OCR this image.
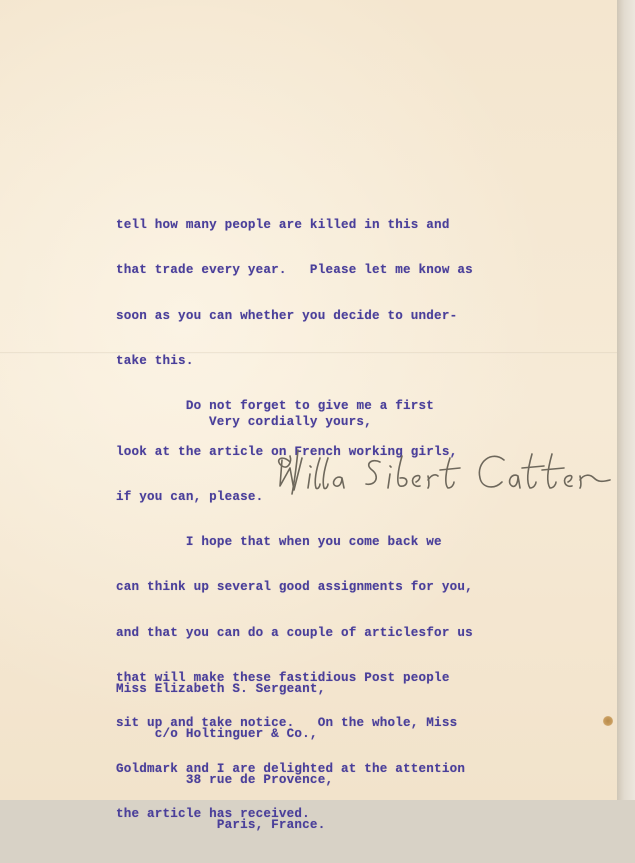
tell how many people are killed in this and

that trade every year.   Please let me know as

soon as you can whether you decide to under-

take this.

Do not forget to give me a first

look at the article on French working girls,

if you can, please.

I hope that when you come back we

can think up several good assignments for you,

and that you can do a couple of articlesfor us

that will make these fastidious Post people

sit up and take notice.   On the whole, Miss

Goldmark and I are delighted at the attention

the article has received.

Very cordially yours,

Miss Elizabeth S. Sergeant,

c/o Holtinguer & Co.,

38 rue de Provence,

Paris, France.
